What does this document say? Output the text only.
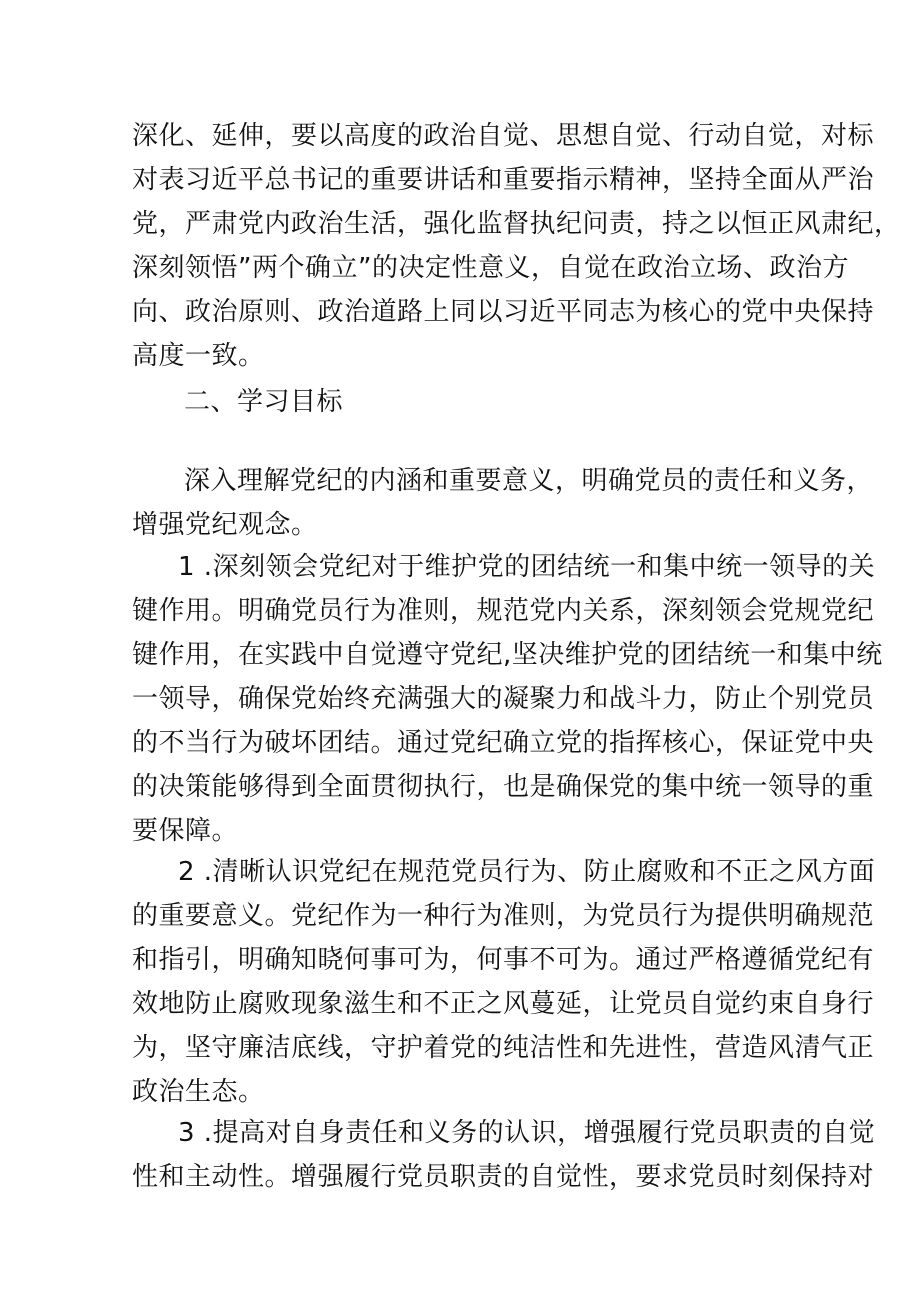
深化、延伸，要以高度的政治自觉、思想自觉、行动自觉，对标
对表习近平总书记的重要讲话和重要指示精神，坚持全面从严治
党，严肃党内政治生活，强化监督执纪问责，持之以恒正风肃纪，
深刻领悟”两个确立”的决定性意义，自觉在政治立场、政治方
向、政治原则、政治道路上同以习近平同志为核心的党中央保持
高度一致。
二、学习目标
深入理解党纪的内涵和重要意义，明确党员的责任和义务，
增强党纪观念。
1 .深刻领会党纪对于维护党的团结统一和集中统一领导的关
键作用。明确党员行为准则，规范党内关系，深刻领会党规党纪
键作用，在实践中自觉遵守党纪,坚决维护党的团结统一和集中统
一领导，确保党始终充满强大的凝聚力和战斗力，防止个别党员
的不当行为破坏团结。通过党纪确立党的指挥核心，保证党中央
的决策能够得到全面贯彻执行，也是确保党的集中统一领导的重
要保障。
2 .清晰认识党纪在规范党员行为、防止腐败和不正之风方面
的重要意义。党纪作为一种行为准则，为党员行为提供明确规范
和指引，明确知晓何事可为，何事不可为。通过严格遵循党纪有
效地防止腐败现象滋生和不正之风蔓延，让党员自觉约束自身行
为，坚守廉洁底线，守护着党的纯洁性和先进性，营造风清气正
政治生态。
3 .提高对自身责任和义务的认识，增强履行党员职责的自觉
性和主动性。增强履行党员职责的自觉性，要求党员时刻保持对
